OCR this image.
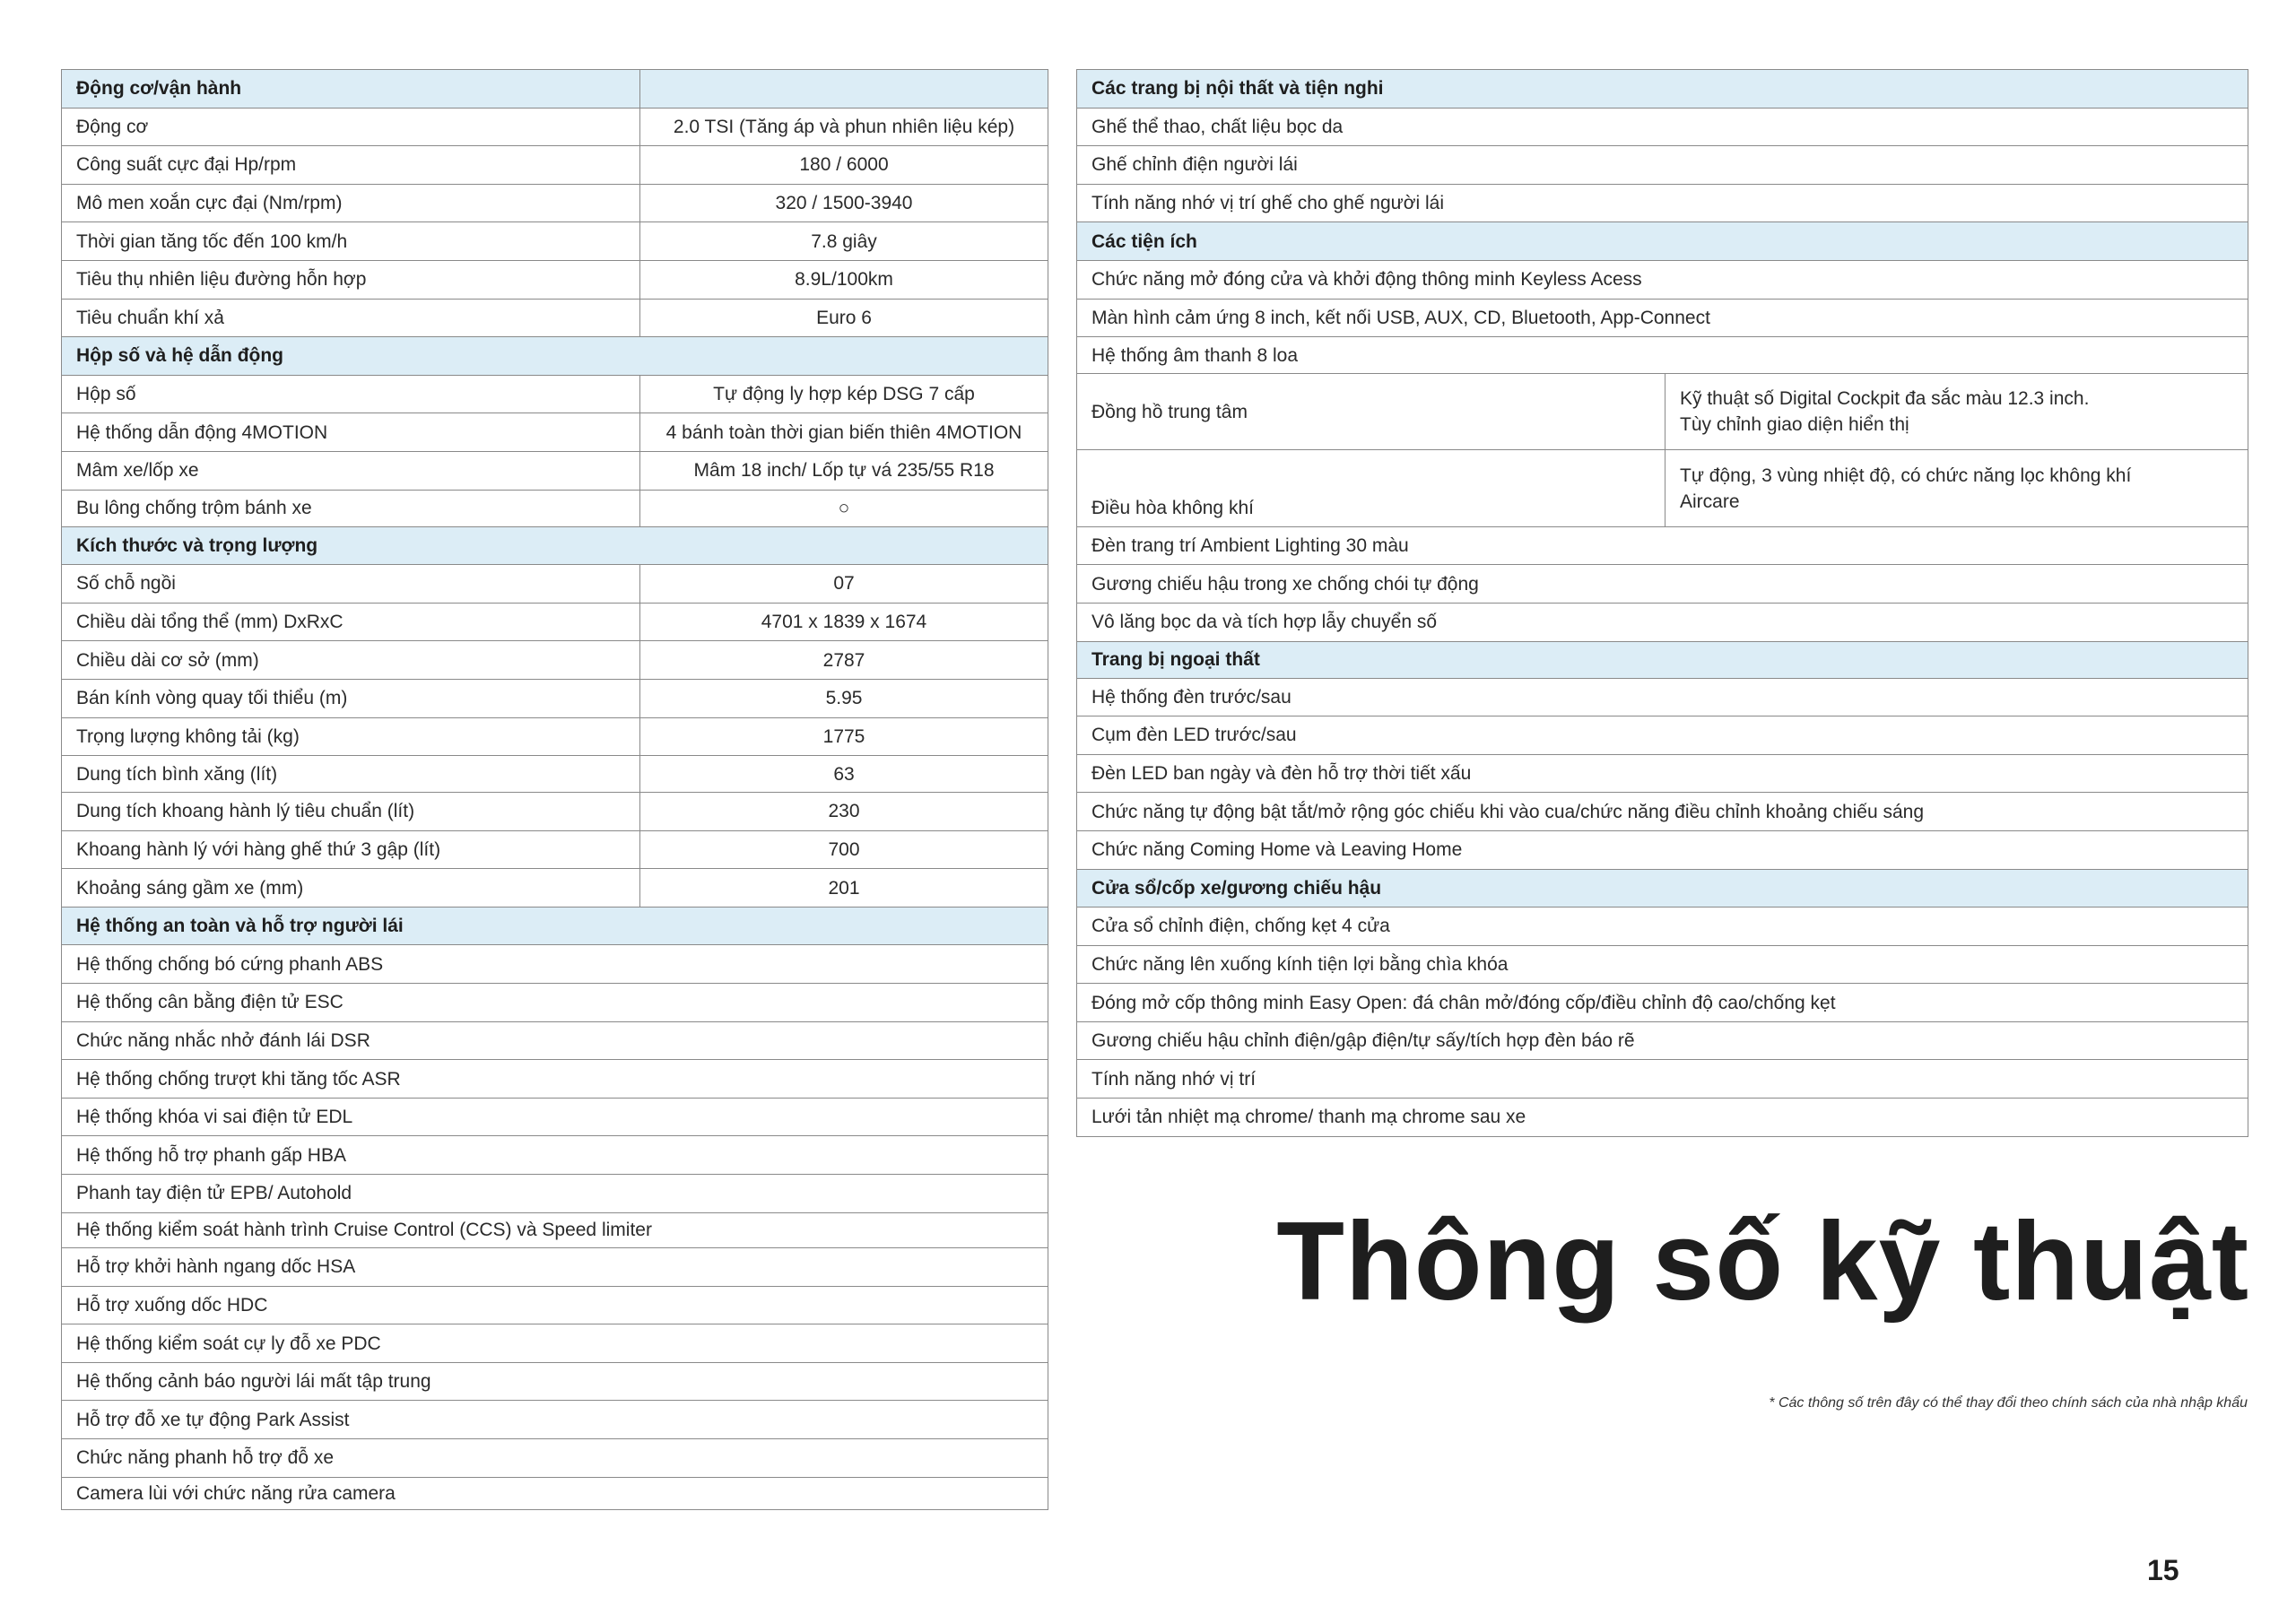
Động cơ/vận hành	
Động cơ	2.0 TSI (Tăng áp và phun nhiên liệu kép)
Công suất cực đại Hp/rpm	180 / 6000
Mô men xoắn cực đại (Nm/rpm)	320 / 1500-3940
Thời gian tăng tốc đến 100 km/h	7.8 giây
Tiêu thụ nhiên liệu đường hỗn hợp	8.9L/100km
Tiêu chuẩn khí xả	Euro 6
Hộp số và hệ dẫn động	
Hộp số	Tự động ly hợp kép DSG 7 cấp
Hệ thống dẫn động 4MOTION	4 bánh toàn thời gian biến thiên 4MOTION
Mâm xe/lốp xe	Mâm 18 inch/ Lốp tự vá 235/55 R18
Bu lông chống trộm bánh xe	○
Kích thước và trọng lượng	
Số chỗ ngồi	07
Chiều dài tổng thể (mm) DxRxC	4701 x 1839 x 1674
Chiều dài cơ sở (mm)	2787
Bán kính vòng quay tối thiểu (m)	5.95
Trọng lượng không tải (kg)	1775
Dung tích bình xăng (lít)	63
Dung tích khoang hành lý tiêu chuẩn (lít)	230
Khoang hành lý với hàng ghế thứ 3 gập (lít)	700
Khoảng sáng gầm xe (mm)	201
Hệ thống an toàn và hỗ trợ người lái	
Hệ thống chống bó cứng phanh ABS	
Hệ thống cân bằng điện tử ESC	
Chức năng nhắc nhở đánh lái DSR	
Hệ thống chống trượt khi tăng tốc ASR	
Hệ thống khóa vi sai điện tử EDL	
Hệ thống hỗ trợ phanh gấp HBA	
Phanh tay điện tử EPB/ Autohold	
Hệ thống kiểm soát hành trình Cruise Control (CCS) và Speed limiter	
Hỗ trợ khởi hành ngang dốc HSA	
Hỗ trợ xuống dốc HDC	
Hệ thống kiểm soát cự ly đỗ xe PDC	
Hệ thống cảnh báo người lái mất tập trung	
Hỗ trợ đỗ xe tự động Park Assist	
Chức năng phanh hỗ trợ đỗ xe	
Camera lùi với chức năng rửa camera	
Các trang bị nội thất và tiện nghi	
Ghế thể thao, chất liệu bọc da	
Ghế chỉnh điện người lái	
Tính năng nhớ vị trí ghế cho ghế người lái	
Các tiện ích	
Chức năng mở đóng cửa và khởi động thông minh Keyless Acess	
Màn hình cảm ứng 8 inch, kết nối USB, AUX, CD, Bluetooth, App-Connect	
Hệ thống âm thanh 8 loa	
Đồng hồ trung tâm	Kỹ thuật số Digital Cockpit đa sắc màu 12.3 inch.
Tùy chỉnh giao diện hiển thị

Điều hòa không khí	Tự động, 3 vùng nhiệt độ, có chức năng lọc không khí
Aircare

Đèn trang trí Ambient Lighting 30 màu	
Gương chiếu hậu trong xe chống chói tự động	
Vô lăng bọc da và tích hợp lẫy chuyển số	
Trang bị ngoại thất	
Hệ thống đèn trước/sau	
Cụm đèn LED trước/sau	
Đèn LED ban ngày và đèn hỗ trợ thời tiết xấu	
Chức năng tự động bật tắt/mở rộng góc chiếu khi vào cua/chức năng điều chỉnh khoảng chiếu sáng	
Chức năng Coming Home và Leaving Home	
Cửa sổ/cốp xe/gương chiếu hậu	
Cửa sổ chỉnh điện, chống kẹt 4 cửa	
Chức năng lên xuống kính tiện lợi bằng chìa khóa	
Đóng mở cốp thông minh Easy Open: đá chân mở/đóng cốp/điều chỉnh độ cao/chống kẹt	
Gương chiếu hậu chỉnh điện/gập điện/tự sấy/tích hợp đèn báo rẽ	
Tính năng nhớ vị trí	
Lưới tản nhiệt mạ chrome/ thanh mạ chrome sau xe	
Thông số kỹ thuật
* Các thông số trên đây có thể thay đổi theo chính sách của nhà nhập khẩu
15
